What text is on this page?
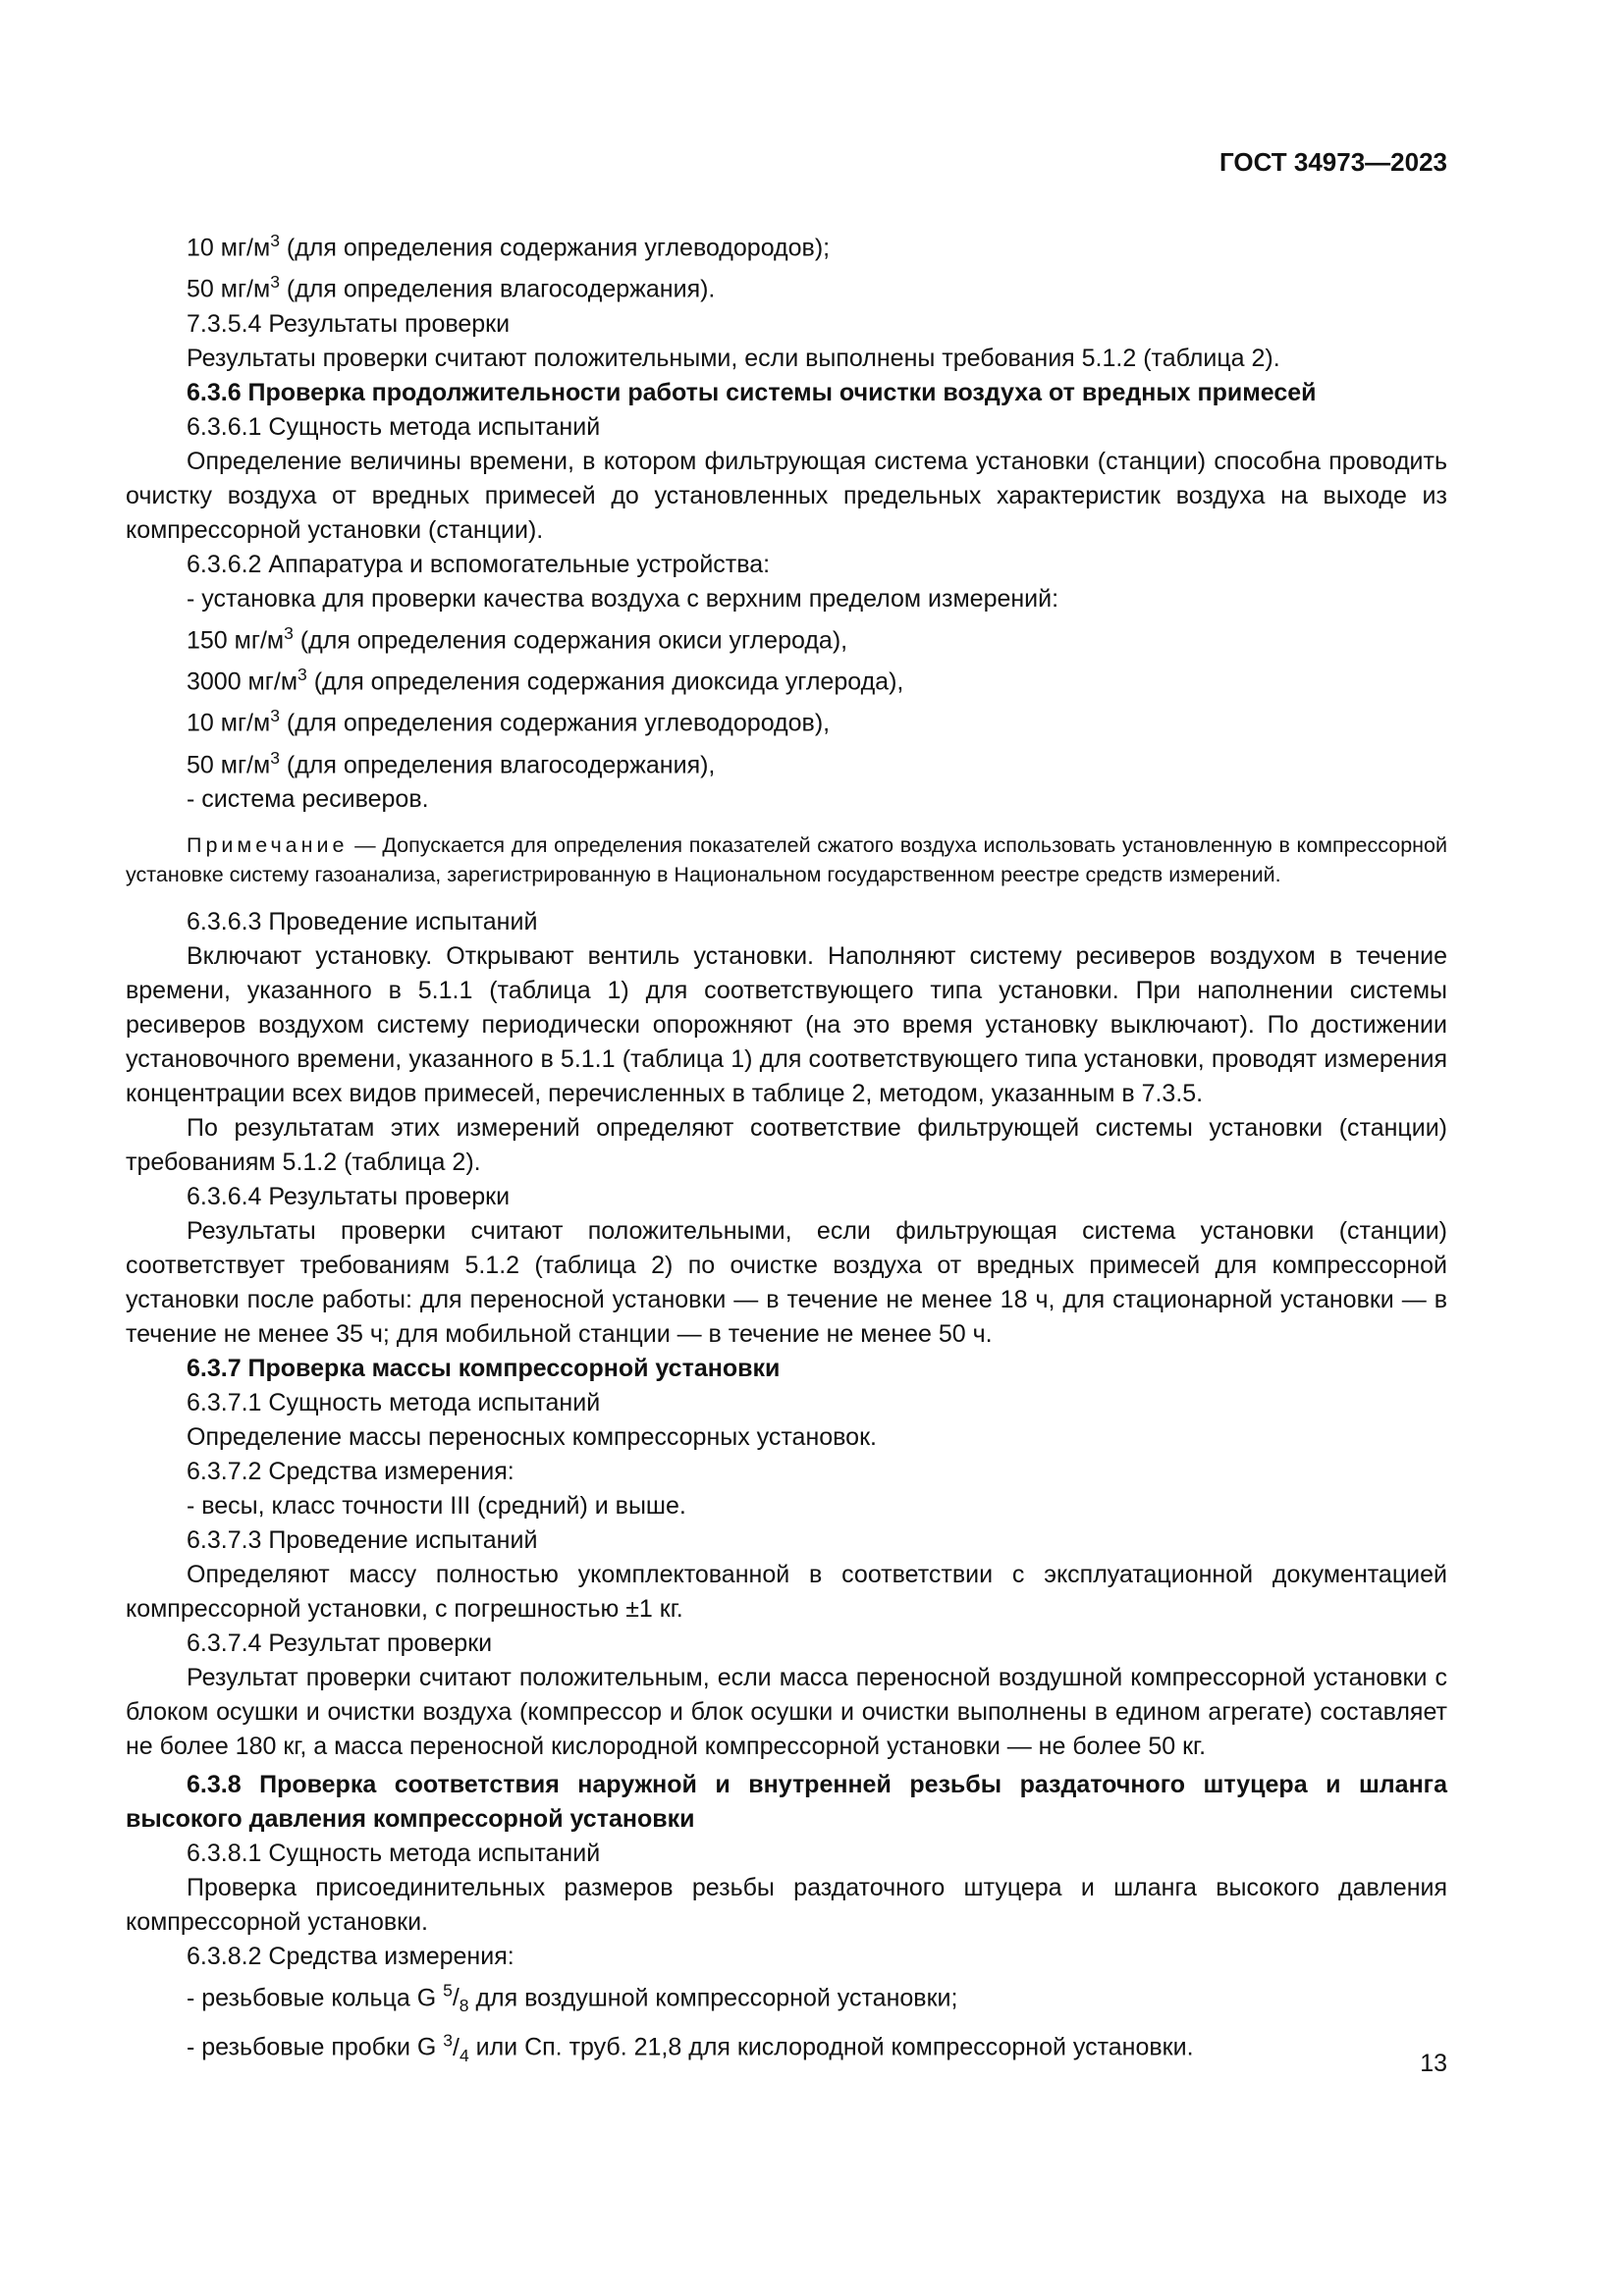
ГОСТ 34973—2023

10 $мг/м^3$ (для определения содержания углеводородов);

50 $мг/м^3$ (для определения влагосодержания).

7.3.5.4 Результаты проверки

Результаты проверки считают положительными, если выполнены требования 5.1.2 (таблица 2).

6.3.6 Проверка продолжительности работы системы очистки воздуха от вредных примесей

6.3.6.1 Сущность метода испытаний

Определение величины времени, в котором фильтрующая система установки (станции) способна проводить очистку воздуха от вредных примесей до установленных предельных характеристик воздуха на выходе из компрессорной установки (станции).

6.3.6.2 Аппаратура и вспомогательные устройства:

- установка для проверки качества воздуха с верхним пределом измерений:

150 $мг/м^3$ (для определения содержания окиси углерода),

3000 $мг/м^3$ (для определения содержания диоксида углерода),

10 $мг/м^3$ (для определения содержания углеводородов),

50 $мг/м^3$ (для определения влагосодержания),

- система ресиверов.

Примечание — Допускается для определения показателей сжатого воздуха использовать установленную в компрессорной установке систему газоанализа, зарегистрированную в Национальном государственном реестре средств измерений.

6.3.6.3 Проведение испытаний

Включают установку. Открывают вентиль установки. Наполняют систему ресиверов воздухом в течение времени, указанного в 5.1.1 (таблица 1) для соответствующего типа установки. При наполнении системы ресиверов воздухом систему периодически опорожняют (на это время установку выключают). По достижении установочного времени, указанного в 5.1.1 (таблица 1) для соответствующего типа установки, проводят измерения концентрации всех видов примесей, перечисленных в таблице 2, методом, указанным в 7.3.5.

По результатам этих измерений определяют соответствие фильтрующей системы установки (станции) требованиям 5.1.2 (таблица 2).

6.3.6.4 Результаты проверки

Результаты проверки считают положительными, если фильтрующая система установки (станции) соответствует требованиям 5.1.2 (таблица 2) по очистке воздуха от вредных примесей для компрессорной установки после работы: для переносной установки — в течение не менее 18 ч, для стационарной установки — в течение не менее 35 ч; для мобильной станции — в течение не менее 50 ч.

6.3.7 Проверка массы компрессорной установки

6.3.7.1 Сущность метода испытаний

Определение массы переносных компрессорных установок.

6.3.7.2 Средства измерения:

- весы, класс точности III (средний) и выше.

6.3.7.3 Проведение испытаний

Определяют массу полностью укомплектованной в соответствии с эксплуатационной документацией компрессорной установки, с погрешностью ±1 кг.

6.3.7.4 Результат проверки

Результат проверки считают положительным, если масса переносной воздушной компрессорной установки с блоком осушки и очистки воздуха (компрессор и блок осушки и очистки выполнены в едином агрегате) составляет не более 180 кг, а масса переносной кислородной компрессорной установки — не более 50 кг.

6.3.8 Проверка соответствия наружной и внутренней резьбы раздаточного штуцера и шланга высокого давления компрессорной установки

6.3.8.1 Сущность метода испытаний

Проверка присоединительных размеров резьбы раздаточного штуцера и шланга высокого давления компрессорной установки.

6.3.8.2 Средства измерения:

- резьбовые кольца G $^5/_8$ для воздушной компрессорной установки;

- резьбовые пробки G $^3/_4$ или Сп. труб. 21,8 для кислородной компрессорной установки.

13
